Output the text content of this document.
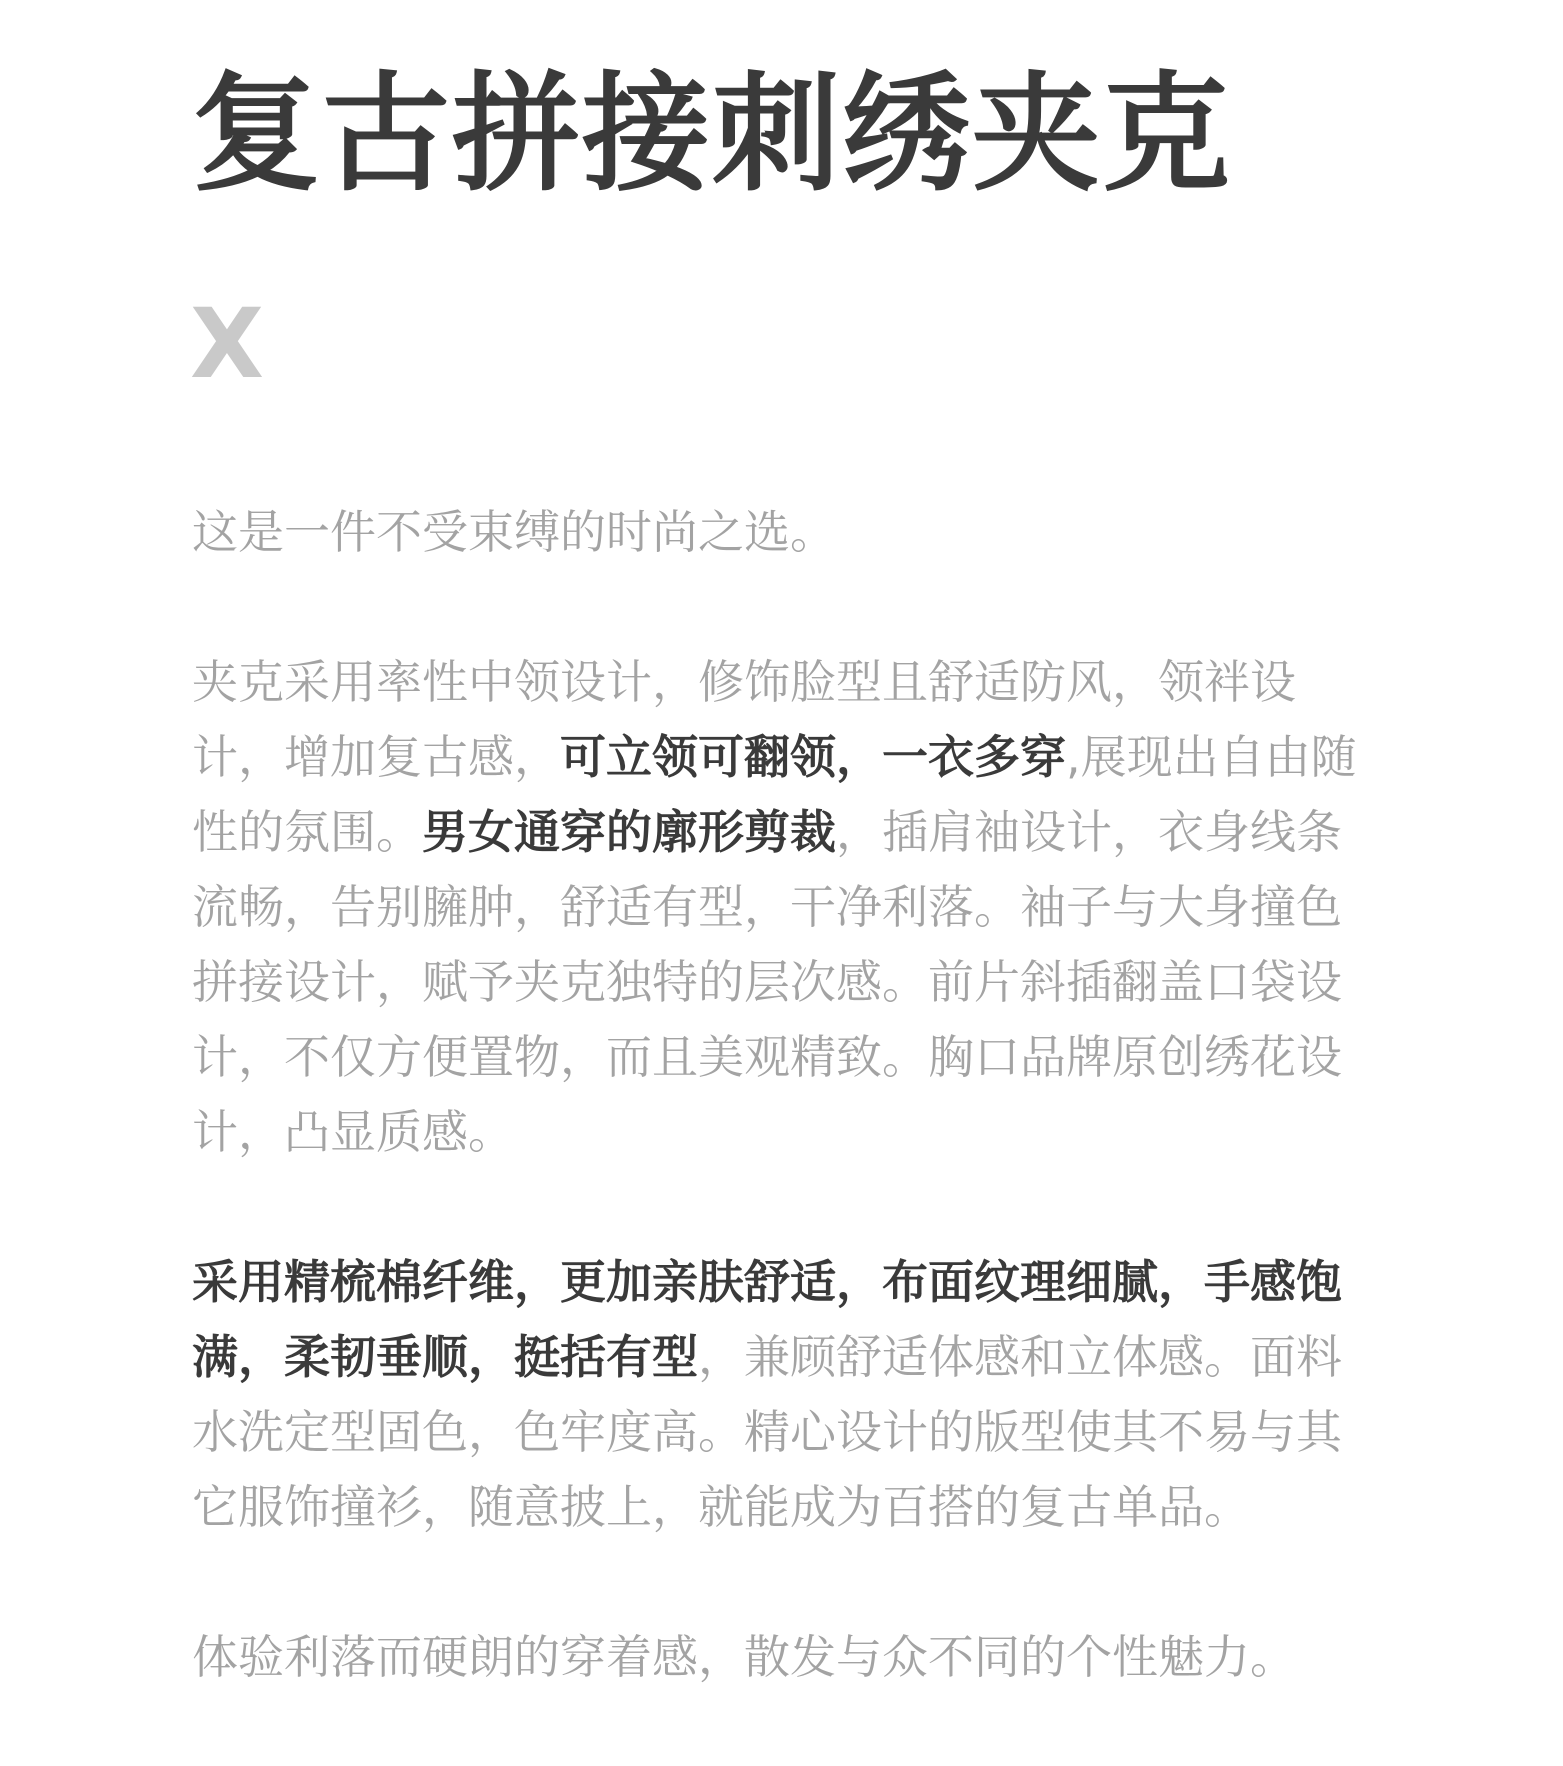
复古拼接刺绣夹克
X

这是一件不受束缚的时尚之选。

夹克采用率性中领设计，修饰脸型且舒适防风，领袢设计，增加复古感，可立领可翻领，一衣多穿,展现出自由随性的氛围。男女通穿的廓形剪裁，插肩袖设计，衣身线条流畅，告别臃肿，舒适有型，干净利落。袖子与大身撞色拼接设计，赋予夹克独特的层次感。前片斜插翻盖口袋设计，不仅方便置物，而且美观精致。胸口品牌原创绣花设计，凸显质感。

采用精梳棉纤维，更加亲肤舒适，布面纹理细腻，手感饱满，柔韧垂顺，挺括有型，兼顾舒适体感和立体感。面料水洗定型固色，色牢度高。精心设计的版型使其不易与其它服饰撞衫，随意披上，就能成为百搭的复古单品。

体验利落而硬朗的穿着感，散发与众不同的个性魅力。
